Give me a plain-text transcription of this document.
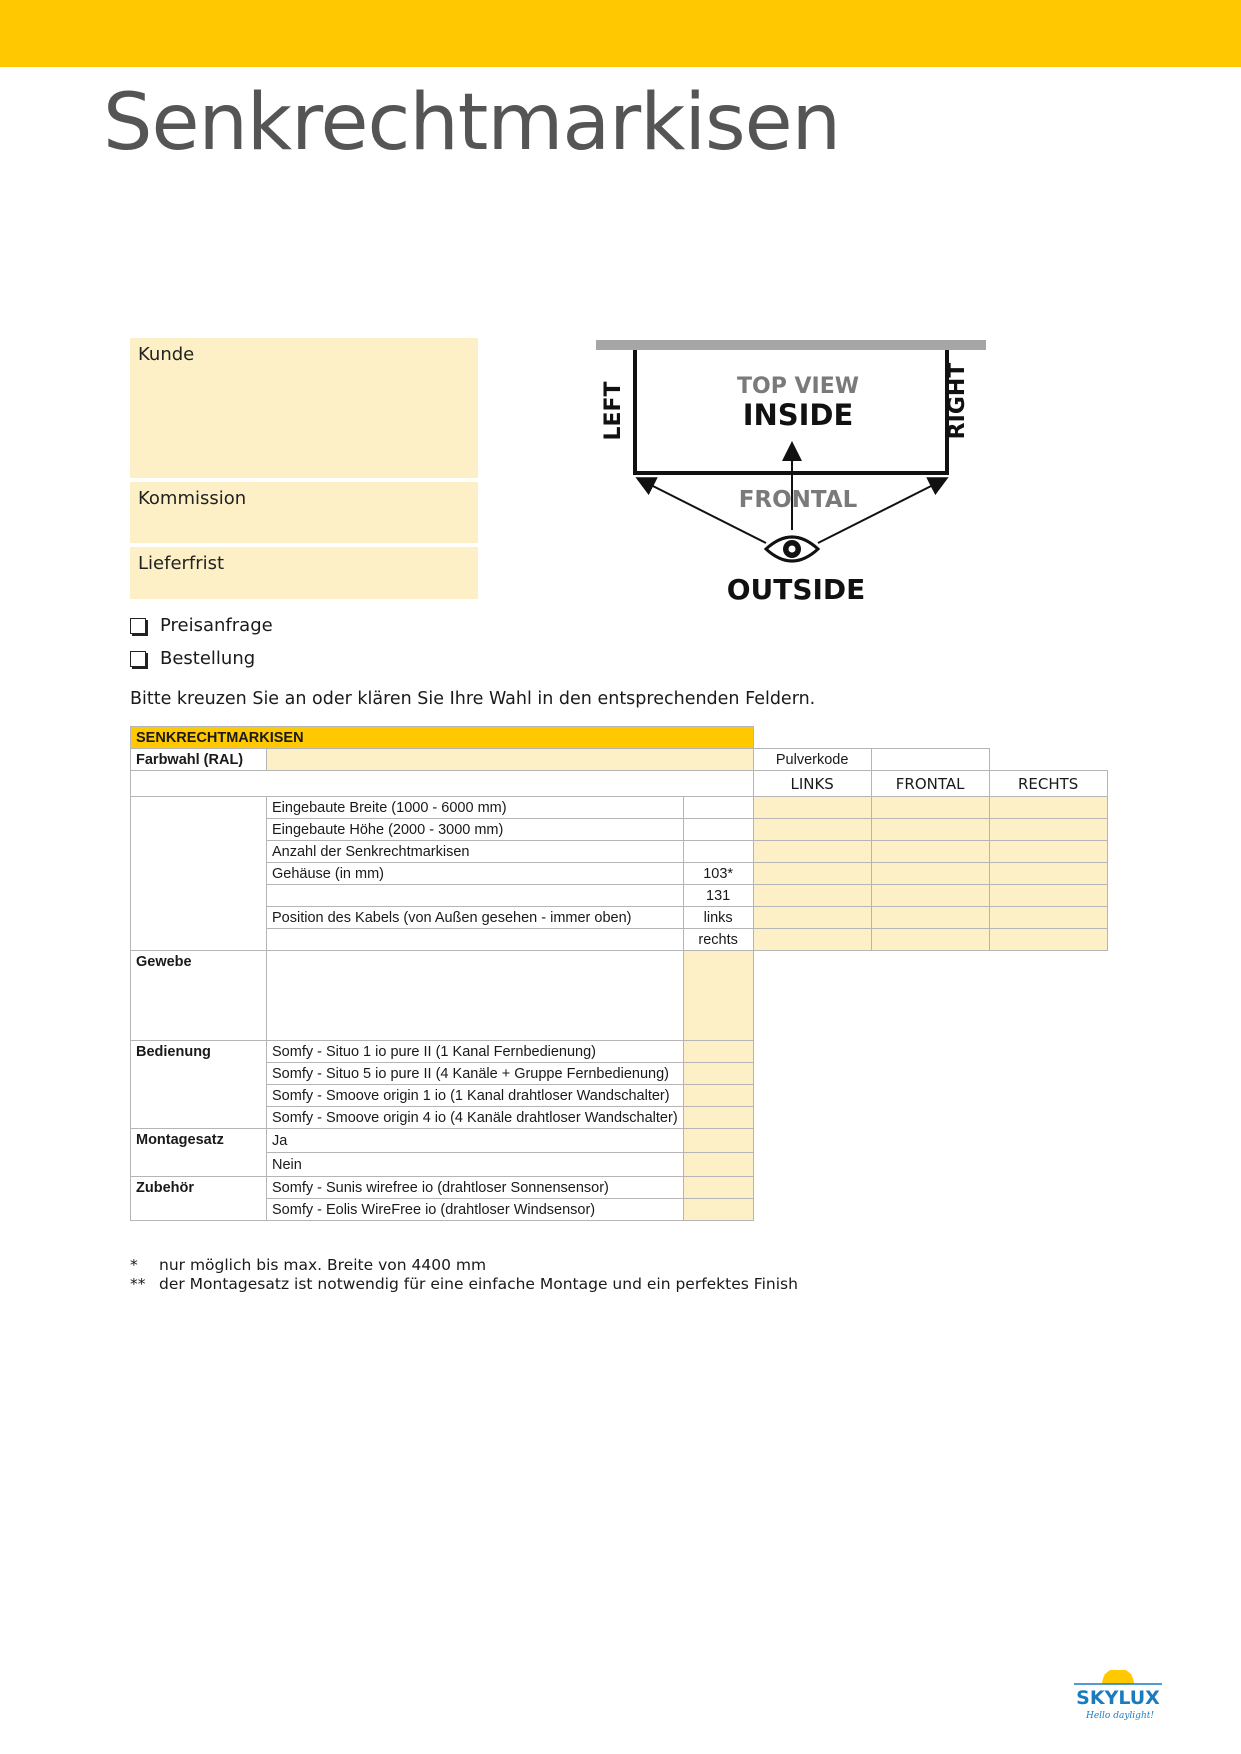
Senkrechtmarkisen
Kunde
Kommission
Lieferfrist
Preisanfrage
Bestellung
Bitte kreuzen Sie an oder klären Sie Ihre Wahl in den entsprechenden Feldern.
TOP VIEW
INSIDE
LEFT	RIGHT
FRONTAL
OUTSIDE
SENKRECHTMARKISEN					
Farbwahl (RAL)			Pulverkode		
			LINKS	FRONTAL	RECHTS
	Eingebaute Breite (1000 - 6000 mm)				
	Eingebaute Höhe (2000 - 3000 mm)				
	Anzahl der Senkrechtmarkisen				
	Gehäuse (in mm)	103*			
		131			
	Position des Kabels (von Außen gesehen - immer oben)	links			
		rechts			
Gewebe					
Bedienung	Somfy - Situo 1 io pure II (1 Kanal Fernbedienung)				
	Somfy - Situo 5 io pure II (4 Kanäle + Gruppe Fernbedienung)				
	Somfy - Smoove origin 1 io (1 Kanal drahtloser Wandschalter)				
	Somfy - Smoove origin 4 io (4 Kanäle drahtloser Wandschalter)				
Montagesatz	Ja				
	Nein				
Zubehör	Somfy - Sunis wirefree io (drahtloser Sonnensensor)				
	Somfy - Eolis WireFree io (drahtloser Windsensor)				
*	nur möglich bis max. Breite von 4400 mm
** der Montagesatz ist notwendig für eine einfache Montage und ein perfektes Finish
SKYLUX
Hello daylight!
